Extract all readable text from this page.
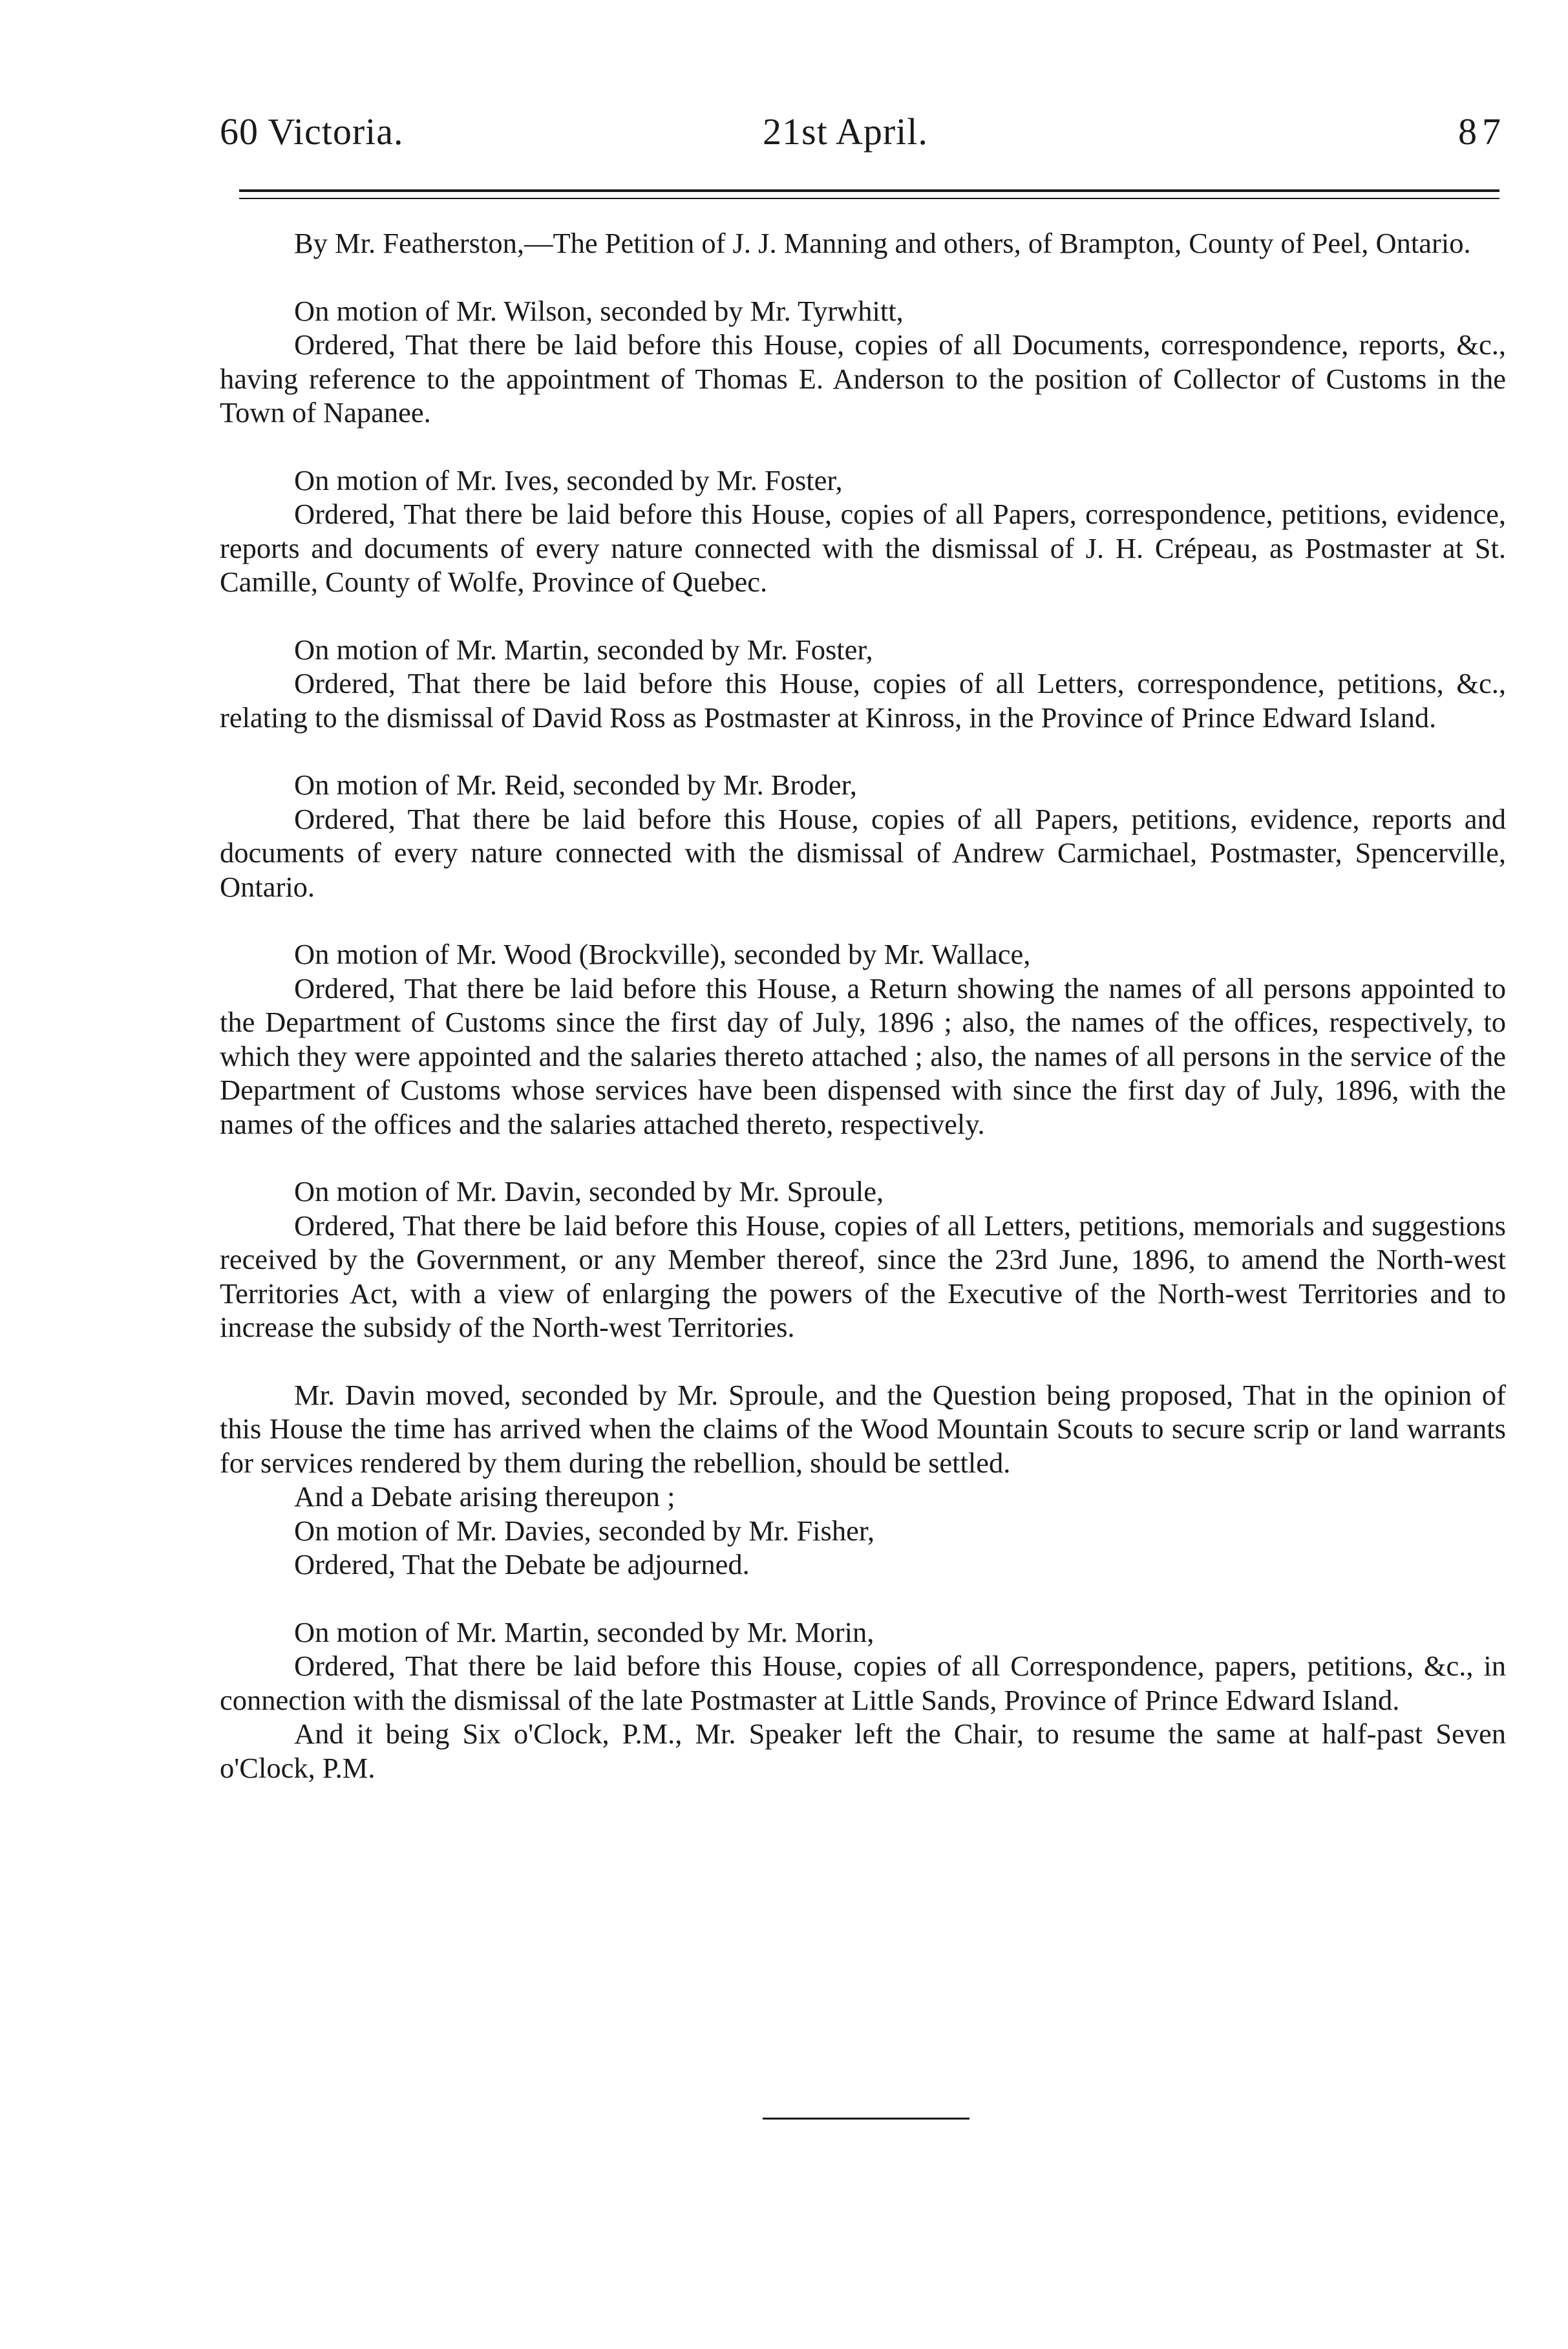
60 Victoria.	21st April.	87

By Mr. Featherston,—The Petition of J. J. Manning and others, of Brampton, County of Peel, Ontario.

On motion of Mr. Wilson, seconded by Mr. Tyrwhitt,

Ordered, That there be laid before this House, copies of all Documents, correspondence, reports, &c., having reference to the appointment of Thomas E. Anderson to the position of Collector of Customs in the Town of Napanee.

On motion of Mr. Ives, seconded by Mr. Foster,

Ordered, That there be laid before this House, copies of all Papers, correspondence, petitions, evidence, reports and documents of every nature connected with the dismissal of J. H. Crépeau, as Postmaster at St. Camille, County of Wolfe, Province of Quebec.

On motion of Mr. Martin, seconded by Mr. Foster,

Ordered, That there be laid before this House, copies of all Letters, correspondence, petitions, &c., relating to the dismissal of David Ross as Postmaster at Kinross, in the Province of Prince Edward Island.

On motion of Mr. Reid, seconded by Mr. Broder,

Ordered, That there be laid before this House, copies of all Papers, petitions, evidence, reports and documents of every nature connected with the dismissal of Andrew Carmichael, Postmaster, Spencerville, Ontario.

On motion of Mr. Wood (Brockville), seconded by Mr. Wallace,

Ordered, That there be laid before this House, a Return showing the names of all persons appointed to the Department of Customs since the first day of July, 1896 ; also, the names of the offices, respectively, to which they were appointed and the salaries thereto attached ; also, the names of all persons in the service of the Department of Customs whose services have been dispensed with since the first day of July, 1896, with the names of the offices and the salaries attached thereto, respectively.

On motion of Mr. Davin, seconded by Mr. Sproule,

Ordered, That there be laid before this House, copies of all Letters, petitions, memorials and suggestions received by the Government, or any Member thereof, since the 23rd June, 1896, to amend the North-west Territories Act, with a view of enlarging the powers of the Executive of the North-west Territories and to increase the subsidy of the North-west Territories.

Mr. Davin moved, seconded by Mr. Sproule, and the Question being proposed, That in the opinion of this House the time has arrived when the claims of the Wood Mountain Scouts to secure scrip or land warrants for services rendered by them during the rebellion, should be settled.

And a Debate arising thereupon ;

On motion of Mr. Davies, seconded by Mr. Fisher,

Ordered, That the Debate be adjourned.

On motion of Mr. Martin, seconded by Mr. Morin,

Ordered, That there be laid before this House, copies of all Correspondence, papers, petitions, &c., in connection with the dismissal of the late Postmaster at Little Sands, Province of Prince Edward Island.

And it being Six o'Clock, P.M., Mr. Speaker left the Chair, to resume the same at half-past Seven o'Clock, P.M.
